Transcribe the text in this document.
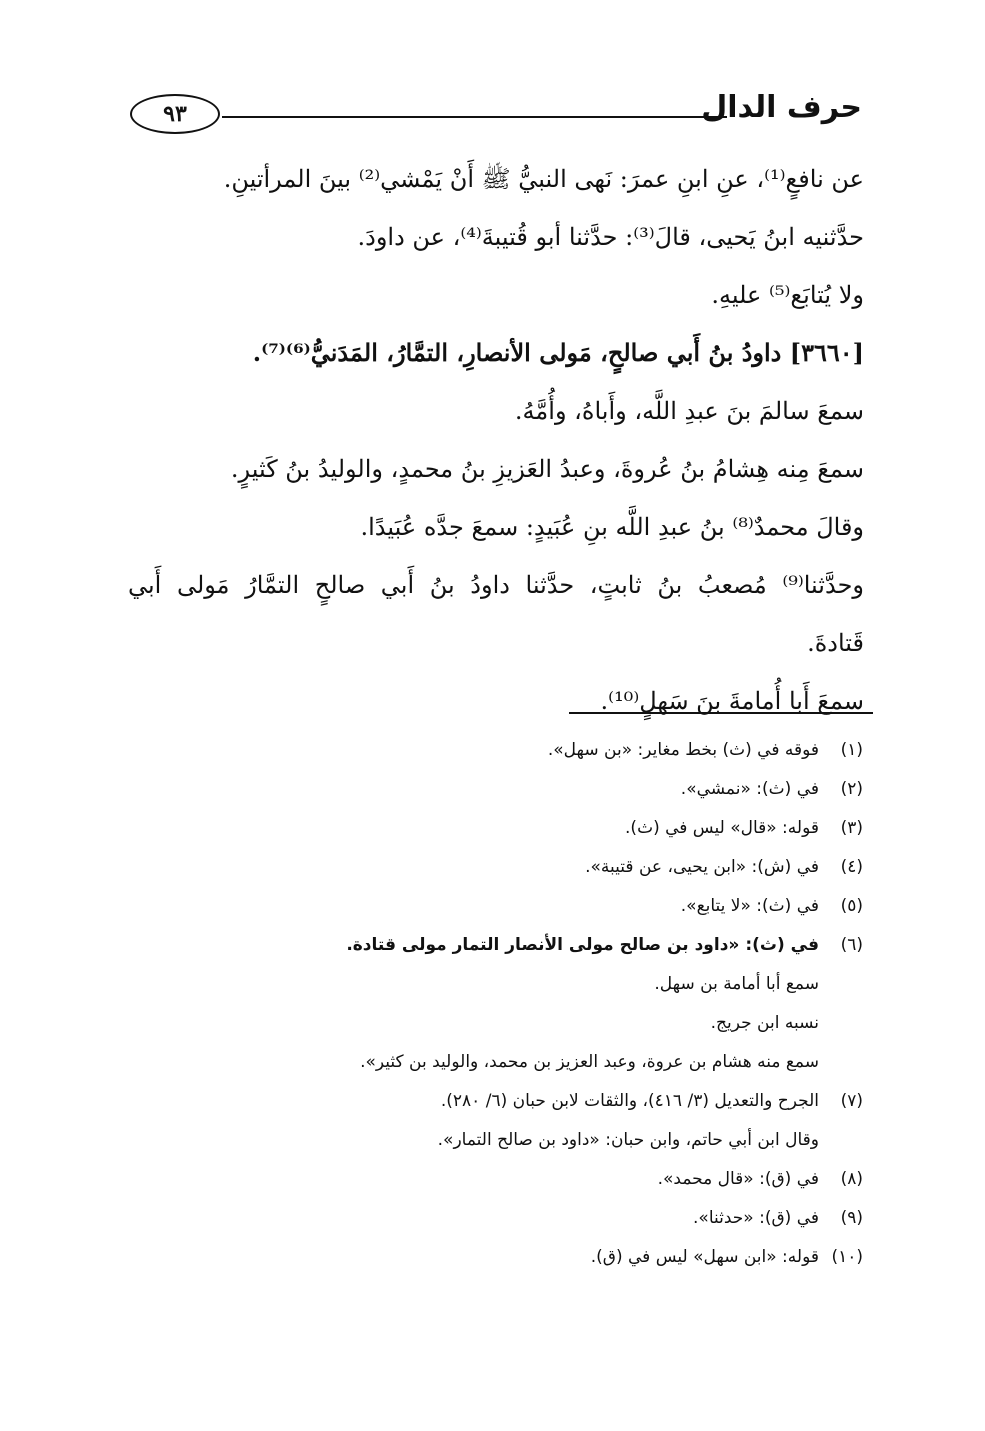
٩٣	حرف الدال
عن نافعٍ⁽¹⁾، عنِ ابنِ عمرَ: نَهى النبيُّ ﷺ أَنْ يَمْشي⁽²⁾ بينَ المرأتينِ.
حدَّثنيه ابنُ يَحيى، قالَ⁽³⁾: حدَّثنا أبو قُتيبةَ⁽⁴⁾، عن داودَ.
ولا يُتابَع⁽⁵⁾ عليهِ.
[٣٦٦٠] داودُ بنُ أَبي صالحٍ، مَولى الأنصارِ، التمَّارُ، المَدَنيُّ⁽⁶⁾⁽⁷⁾.
سمعَ سالمَ بنَ عبدِ اللَّه، وأَباهُ، وأُمَّهُ.
سمعَ مِنه هِشامُ بنُ عُروةَ، وعبدُ العَزيزِ بنُ محمدٍ، والوليدُ بنُ كَثيرٍ.
وقالَ محمدٌ⁽⁸⁾ بنُ عبدِ اللَّه بنِ عُبَيدٍ: سمعَ جدَّه عُبَيدًا.
وحدَّثنا⁽⁹⁾ مُصعبُ بنُ ثابتٍ، حدَّثنا داودُ بنُ أَبي صالحٍ التمَّارُ مَولى أَبي
قَتادةَ.
سمعَ أَبا أُمامةَ بنَ سَهلٍ⁽¹⁰⁾.
(١)
فوقه في (ث) بخط مغاير: «بن سهل».
(٢)
في (ث): «نمشي».
(٣)
قوله: «قال» ليس في (ث).
(٤)
في (ش): «ابن يحيى، عن قتيبة».
(٥)
في (ث): «لا يتابع».
(٦)
في (ث): «داود بن صالح مولى الأنصار التمار مولى قتادة.
سمع أبا أمامة بن سهل.
نسبه ابن جريج.
سمع منه هشام بن عروة، وعبد العزيز بن محمد، والوليد بن كثير».
(٧)
الجرح والتعديل (٣/ ٤١٦)، والثقات لابن حبان (٦/ ٢٨٠).
وقال ابن أبي حاتم، وابن حبان: «داود بن صالح التمار».
(٨)
في (ق): «قال محمد».
(٩)
في (ق): «حدثنا».
(١٠)
قوله: «ابن سهل» ليس في (ق).
